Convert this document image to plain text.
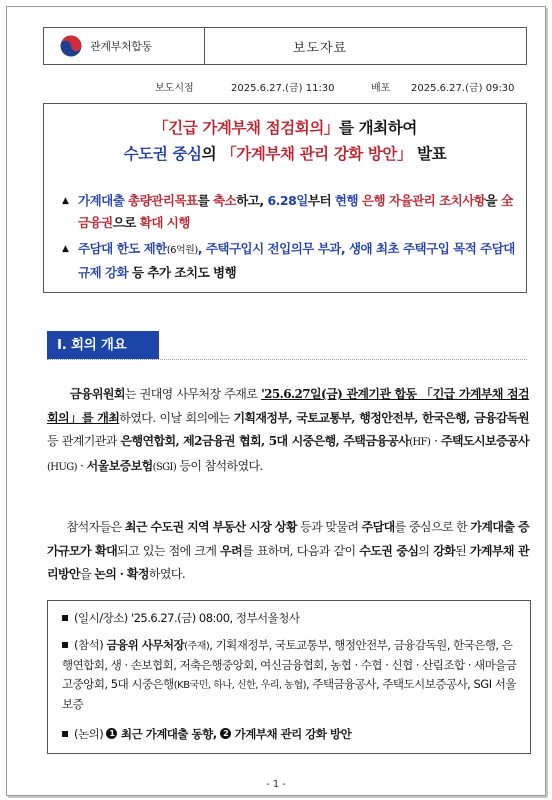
관계부처합동	보도자료
보도시점	2025.6.27.(금) 11:30	배포 2025.6.27.(금) 09:30
「긴급 가계부채 점검회의」를 개최하여
수도권 중심의 「가계부채 관리 강화 방안」 발표
▲ 가계대출 총량관리목표를 축소하고, 6.28일부터 현행 은행 자율관리 조치사항을 全 금융권으로 확대 시행
▲ 주담대 한도 제한(6억원), 주택구입시 전입의무 부과, 생애 최초 주택구입 목적 주담대 규제 강화 등 추가 조치도 병행
Ⅰ. 회의 개요
금융위원회는 권대영 사무처장 주재로 '25.6.27일(금) 관계기관 합동 「긴급 가계부채 점검회의」를 개최하였다. 이날 회의에는 기획재정부, 국토교통부, 행정안전부, 한국은행, 금융감독원 등 관계기관과 은행연합회, 제2금융권 협회, 5대 시중은행, 주택금융공사(HF) · 주택도시보증공사(HUG) · 서울보증보험(SGI) 등이 참석하였다.
참석자들은 최근 수도권 지역 부동산 시장 상황 등과 맞물려 주담대를 중심으로 한 가계대출 증가규모가 확대되고 있는 점에 크게 우려를 표하며, 다음과 같이 수도권 중심의 강화된 가계부채 관리방안을 논의 · 확정하였다.
(일시/장소) '25.6.27.(금) 08:00, 정부서울청사
(참석) 금융위 사무처장(주재), 기획재정부, 국토교통부, 행정안전부, 금융감독원, 한국은행, 은행연합회, 생 · 손보협회, 저축은행중앙회, 여신금융협회, 농협 · 수협 · 신협 · 산림조합 · 새마을금고중앙회, 5대 시중은행(KB국민, 하나, 신한, 우리, 농협), 주택금융공사, 주택도시보증공사, SGI 서울보증
(논의) 1 최근 가계대출 동향, 2 가계부채 관리 강화 방안
- 1 -
